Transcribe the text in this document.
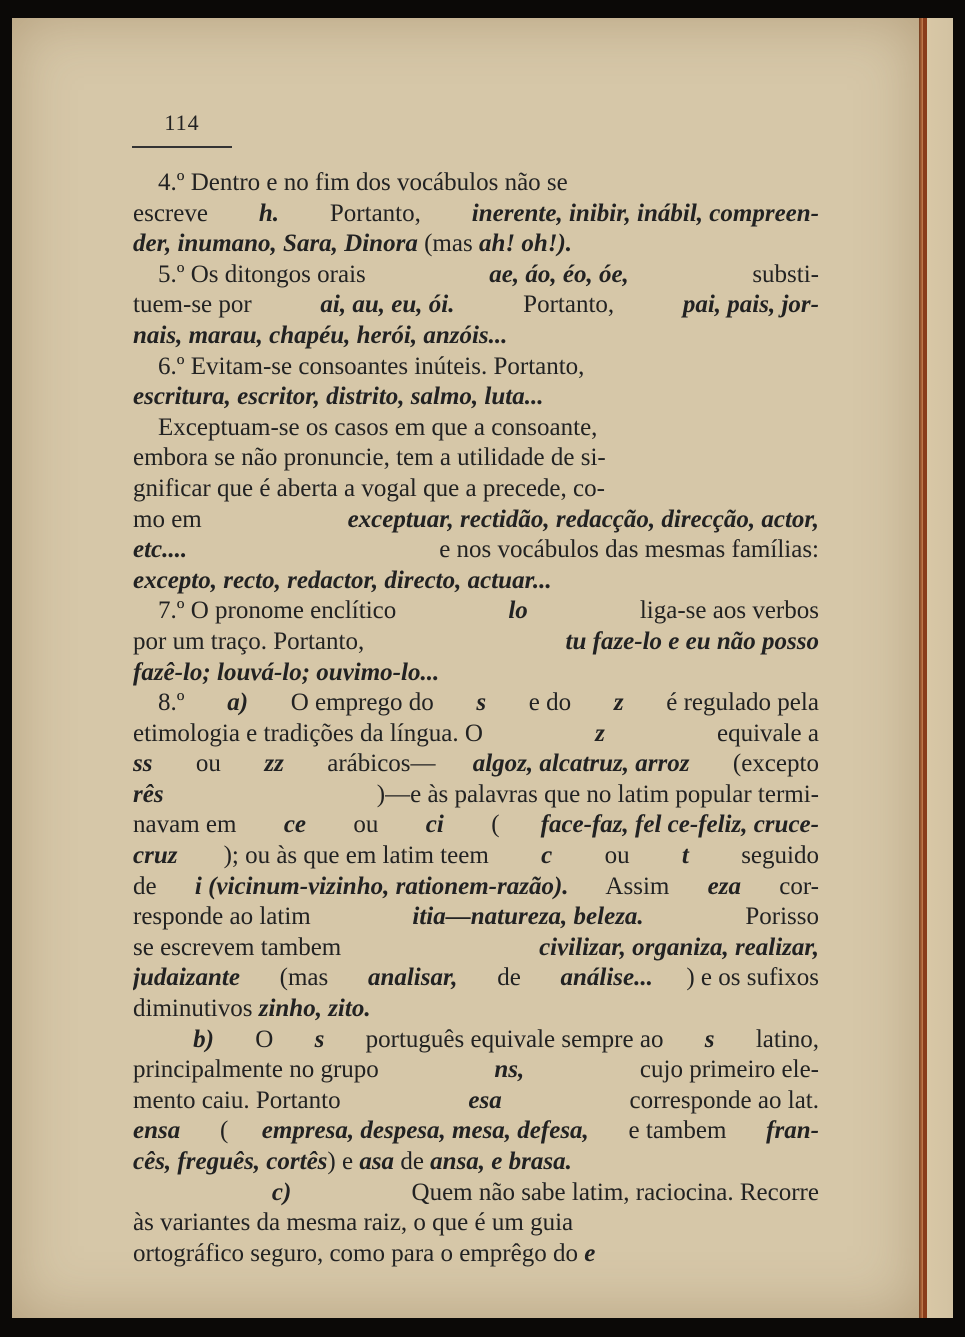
114
4.º Dentro e no fim dos vocábulos não se
escreve h. Portanto, inerente, inibir, inábil, compreen-
der, inumano, Sara, Dinora (mas ah! oh!).
5.º Os ditongos orais	ae, áo, éo, óe,	substi-
tuem-se por ai, au, eu, ói. Portanto, pai, pais, jor-
nais, marau, chapéu, herói, anzóis...
6.º Evitam-se consoantes inúteis. Portanto,
escritura, escritor, distrito, salmo, luta...
Exceptuam-se os casos em que a consoante,
embora se não pronuncie, tem a utilidade de si-
gnificar que é aberta a vogal que a precede, co-
mo em	exceptuar, rectidão, redacção, direcção, actor,
etc....	e nos vocábulos das mesmas famílias:
excepto, recto, redactor, directo, actuar...
7.º O pronome enclítico	lo	liga-se aos verbos
por um traço. Portanto,	tu faze-lo e eu não posso
fazê-lo; louvá-lo; ouvimo-lo...
8.º a) O emprego do s e do z é regulado pela
etimologia e tradições da língua. O	z	equivale a
ss ou zz arábicos— algoz, alcatruz, arroz (excepto
rês	)—e às palavras que no latim popular termi-
navam em ce ou ci ( face-faz, fel ce-feliz, cruce-
cruz ); ou às que em latim teem c ou t seguido
de i (vicinum-vizinho, rationem-razão). Assim eza cor-
responde ao latim	itia—natureza, beleza.	Porisso
se escrevem tambem	civilizar, organiza, realizar,
judaizante (mas analisar, de análise... ) e os sufixos
diminutivos zinho, zito.

b) O s português equivale sempre ao s latino,
principalmente no grupo	ns,	cujo primeiro ele-
mento caiu. Portanto	esa	corresponde ao lat.
ensa ( empresa, despesa, mesa, defesa, e tambem fran-
cês, freguês, cortês ) e asa de ansa, e brasa.

c)	Quem não sabe latim, raciocina. Recorre
às variantes da mesma raiz, o que é um guia
ortográfico seguro, como para o emprêgo do e
